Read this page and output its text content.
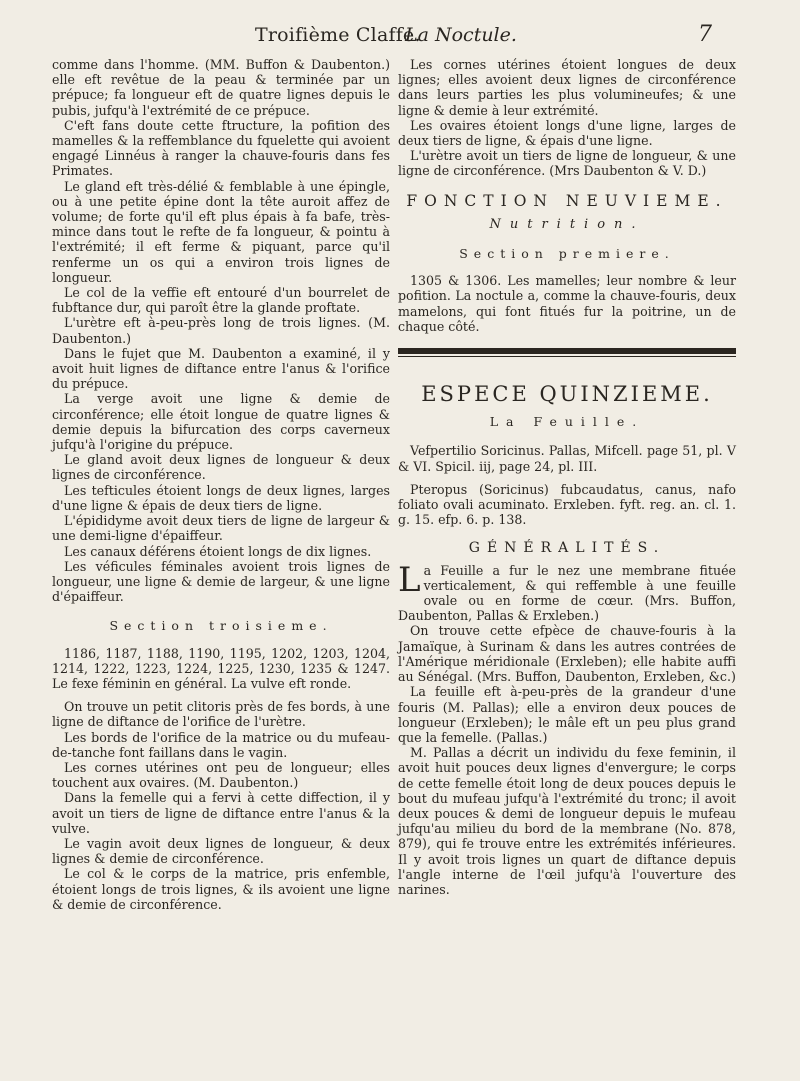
Troifième Claffe.
La Noctule.	7

comme dans l'homme. (MM. Buffon & Daubenton.) elle eft revêtue de la peau & terminée par un prépuce; fa longueur eft de quatre lignes depuis le pubis, jufqu'à l'extrémité de ce prépuce.

C'eft fans doute cette ftructure, la pofition des mamelles & la reffemblance du fquelette qui avoient engagé Linnéus à ranger la chauve-fouris dans fes Primates.

Le gland eft très-délié & femblable à une épingle, ou à une petite épine dont la tête auroit affez de volume; de forte qu'il eft plus épais à fa bafe, très-mince dans tout le refte de fa longueur, & pointu à l'extrémité; il eft ferme & piquant, parce qu'il renferme un os qui a environ trois lignes de longueur.

Le col de la veffie eft entouré d'un bourrelet de fubftance dur, qui paroît être la glande proftate.

L'urètre eft à-peu-près long de trois lignes. (M. Daubenton.)

Dans le fujet que M. Daubenton a examiné, il y avoit huit lignes de diftance entre l'anus & l'orifice du prépuce.

La verge avoit une ligne & demie de circonférence; elle étoit longue de quatre lignes & demie depuis la bifurcation des corps caverneux jufqu'à l'origine du prépuce.

Le gland avoit deux lignes de longueur & deux lignes de circonférence.

Les tefticules étoient longs de deux lignes, larges d'une ligne & épais de deux tiers de ligne.

L'épididyme avoit deux tiers de ligne de largeur & une demi-ligne d'épaiffeur.

Les canaux déférens étoient longs de dix lignes.

Les véficules féminales avoient trois lignes de longueur, une ligne & demie de largeur, & une ligne d'épaiffeur.

Section troisieme.

1186, 1187, 1188, 1190, 1195, 1202, 1203, 1204, 1214, 1222, 1223, 1224, 1225, 1230, 1235 & 1247. Le fexe féminin en général. La vulve eft ronde.

On trouve un petit clitoris près de fes bords, à une ligne de diftance de l'orifice de l'urètre.

Les bords de l'orifice de la matrice ou du mufeau-de-tanche font faillans dans le vagin.

Les cornes utérines ont peu de longueur; elles touchent aux ovaires. (M. Daubenton.)

Dans la femelle qui a fervi à cette diffection, il y avoit un tiers de ligne de diftance entre l'anus & la vulve.

Le vagin avoit deux lignes de longueur, & deux lignes & demie de circonférence.

Le col & le corps de la matrice, pris enfemble, étoient longs de trois lignes, & ils avoient une ligne & demie de circonférence.

Les cornes utérines étoient longues de deux lignes; elles avoient deux lignes de circonférence dans leurs parties les plus volumineufes; & une ligne & demie à leur extrémité.

Les ovaires étoient longs d'une ligne, larges de deux tiers de ligne, & épais d'une ligne.

L'urètre avoit un tiers de ligne de longueur, & une ligne de circonférence. (Mrs Daubenton & V. D.)

FONCTION NEUVIEME.
Nutrition.
Section premiere.

1305 & 1306. Les mamelles; leur nombre & leur pofition. La noctule a, comme la chauve-fouris, deux mamelons, qui font fitués fur la poitrine, un de chaque côté.

ESPECE QUINZIEME.
La Feuille.

Vefpertilio Soricinus. Pallas, Mifcell. page 51, pl. V & VI. Spicil. iij, page 24, pl. III.

Pteropus (Soricinus) fubcaudatus, canus, nafo foliato ovali acuminato. Erxleben. fyft. reg. an. cl. 1. g. 15. efp. 6. p. 138.

GÉNÉRALITÉS.

La Feuille a fur le nez une membrane fituée verticalement, & qui reffemble à une feuille ovale ou en forme de cœur. (Mrs. Buffon, Daubenton, Pallas & Erxleben.)

On trouve cette efpèce de chauve-fouris à la Jamaïque, à Surinam & dans les autres contrées de l'Amérique méridionale (Erxleben); elle habite auffi au Sénégal. (Mrs. Buffon, Daubenton, Erxleben, &c.)

La feuille eft à-peu-près de la grandeur d'une fouris (M. Pallas); elle a environ deux pouces de longueur (Erxleben); le mâle eft un peu plus grand que la femelle. (Pallas.)

M. Pallas a décrit un individu du fexe feminin, il avoit huit pouces deux lignes d'envergure; le corps de cette femelle étoit long de deux pouces depuis le bout du mufeau jufqu'à l'extrémité du tronc; il avoit deux pouces & demi de longueur depuis le mufeau jufqu'au milieu du bord de la membrane (No. 878, 879), qui fe trouve entre les extrémités inférieures. Il y avoit trois lignes un quart de diftance depuis l'angle interne de l'œil jufqu'à l'ouverture des narines.
